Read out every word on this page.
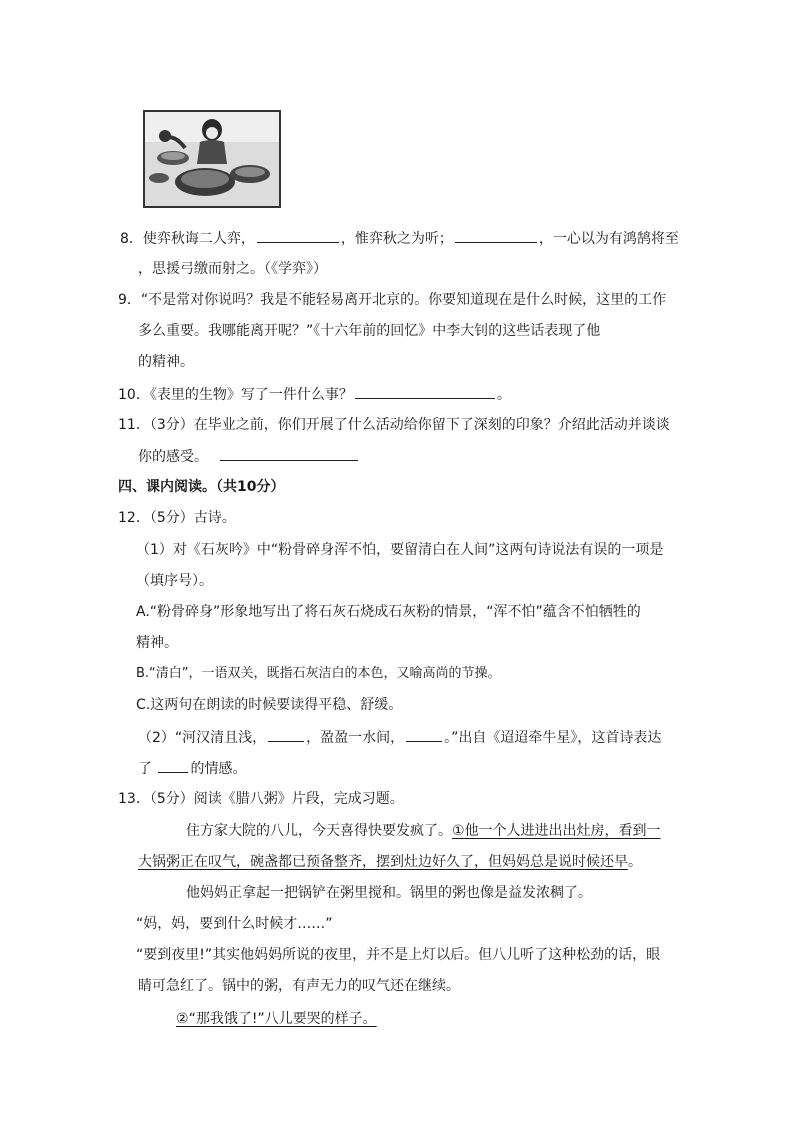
8．使弈秋诲二人弈，	，惟弈秋之为听；	，一心以为有鸿鹄将至
，思援弓缴而射之。（《学弈》）
9．“不是常对你说吗？我是不能轻易离开北京的。你要知道现在是什么时候，这里的工作
多么重要。我哪能离开呢？”《十六年前的回忆》中李大钊的这些话表现了他
的精神。
10．《表里的生物》写了一件什么事？	。
11．（3分）在毕业之前，你们开展了什么活动给你留下了深刻的印象？介绍此活动并谈谈
你的感受。
四、课内阅读。（共10分）
12．（5分）古诗。
（1）对《石灰吟》中“粉骨碎身浑不怕，要留清白在人间”这两句诗说法有误的一项是
（填序号）。
A.“粉骨碎身”形象地写出了将石灰石烧成石灰粉的情景，“浑不怕”蕴含不怕牺牲的
精神。
B.“清白”，一语双关，既指石灰洁白的本色，又喻高尚的节操。
C.这两句在朗读的时候要读得平稳、舒缓。
（2）“河汉清且浅，	，盈盈一水间，	。”出自《迢迢牵牛星》，这首诗表达
了 的情感。
13．（5分）阅读《腊八粥》片段，完成习题。
住方家大院的八儿，今天喜得快要发疯了。①他一个人进进出出灶房，看到一
大锅粥正在叹气，碗盏都已预备整齐，摆到灶边好久了，但妈妈总是说时候还早。
他妈妈正拿起一把锅铲在粥里搅和。锅里的粥也像是益发浓稠了。
“妈，妈，要到什么时候才……”
“要到夜里!”其实他妈妈所说的夜里，并不是上灯以后。但八儿听了这种松劲的话，眼
睛可急红了。锅中的粥，有声无力的叹气还在继续。
②“那我饿了!”八儿要哭的样子。
